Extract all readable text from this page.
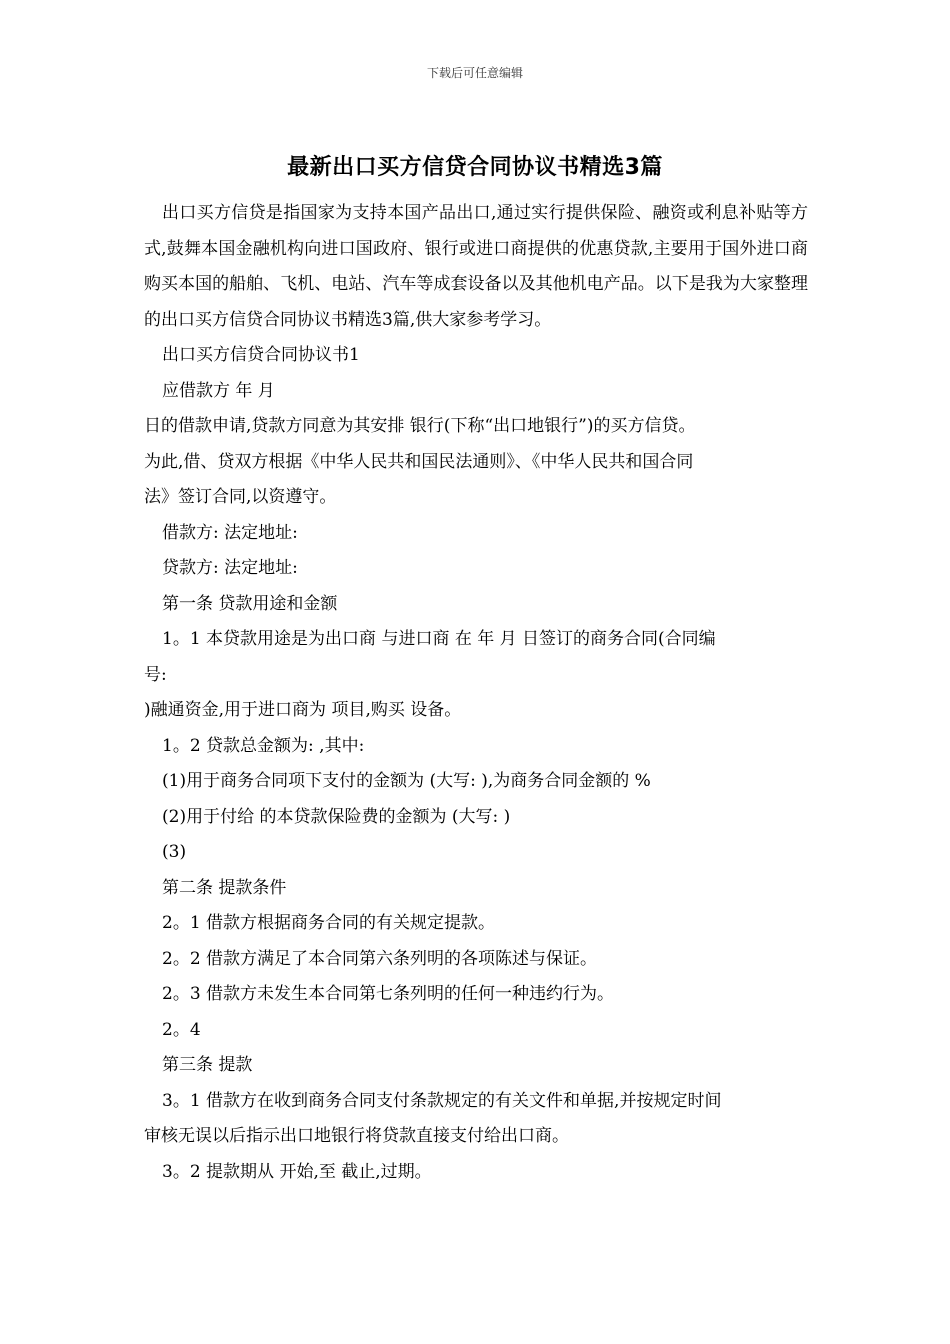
下载后可任意编辑
最新出口买方信贷合同协议书精选3篇

出口买方信贷是指国家为支持本国产品出口,通过实行提供保险、融资或利息补贴等方式,鼓舞本国金融机构向进口国政府、银行或进口商提供的优惠贷款,主要用于国外进口商购买本国的船舶、飞机、电站、汽车等成套设备以及其他机电产品。以下是我为大家整理的出口买方信贷合同协议书精选3篇,供大家参考学习。

出口买方信贷合同协议书1

应借款方 年 月

日的借款申请,贷款方同意为其安排 银行(下称“出口地银行”)的买方信贷。

为此,借、贷双方根据《中华人民共和国民法通则》、《中华人民共和国合同

法》签订合同,以资遵守。

借款方: 法定地址:

贷款方: 法定地址:

第一条 贷款用途和金额

1。1 本贷款用途是为出口商 与进口商 在 年 月 日签订的商务合同(合同编

号:

)融通资金,用于进口商为 项目,购买 设备。

1。2 贷款总金额为: ,其中:

(1)用于商务合同项下支付的金额为 (大写: ),为商务合同金额的 %

(2)用于付给 的本贷款保险费的金额为 (大写: )

(3)

第二条 提款条件

2。1 借款方根据商务合同的有关规定提款。

2。2 借款方满足了本合同第六条列明的各项陈述与保证。

2。3 借款方未发生本合同第七条列明的任何一种违约行为。

2。4

第三条 提款

3。1 借款方在收到商务合同支付条款规定的有关文件和单据,并按规定时间

审核无误以后指示出口地银行将贷款直接支付给出口商。

3。2 提款期从 开始,至 截止,过期。
